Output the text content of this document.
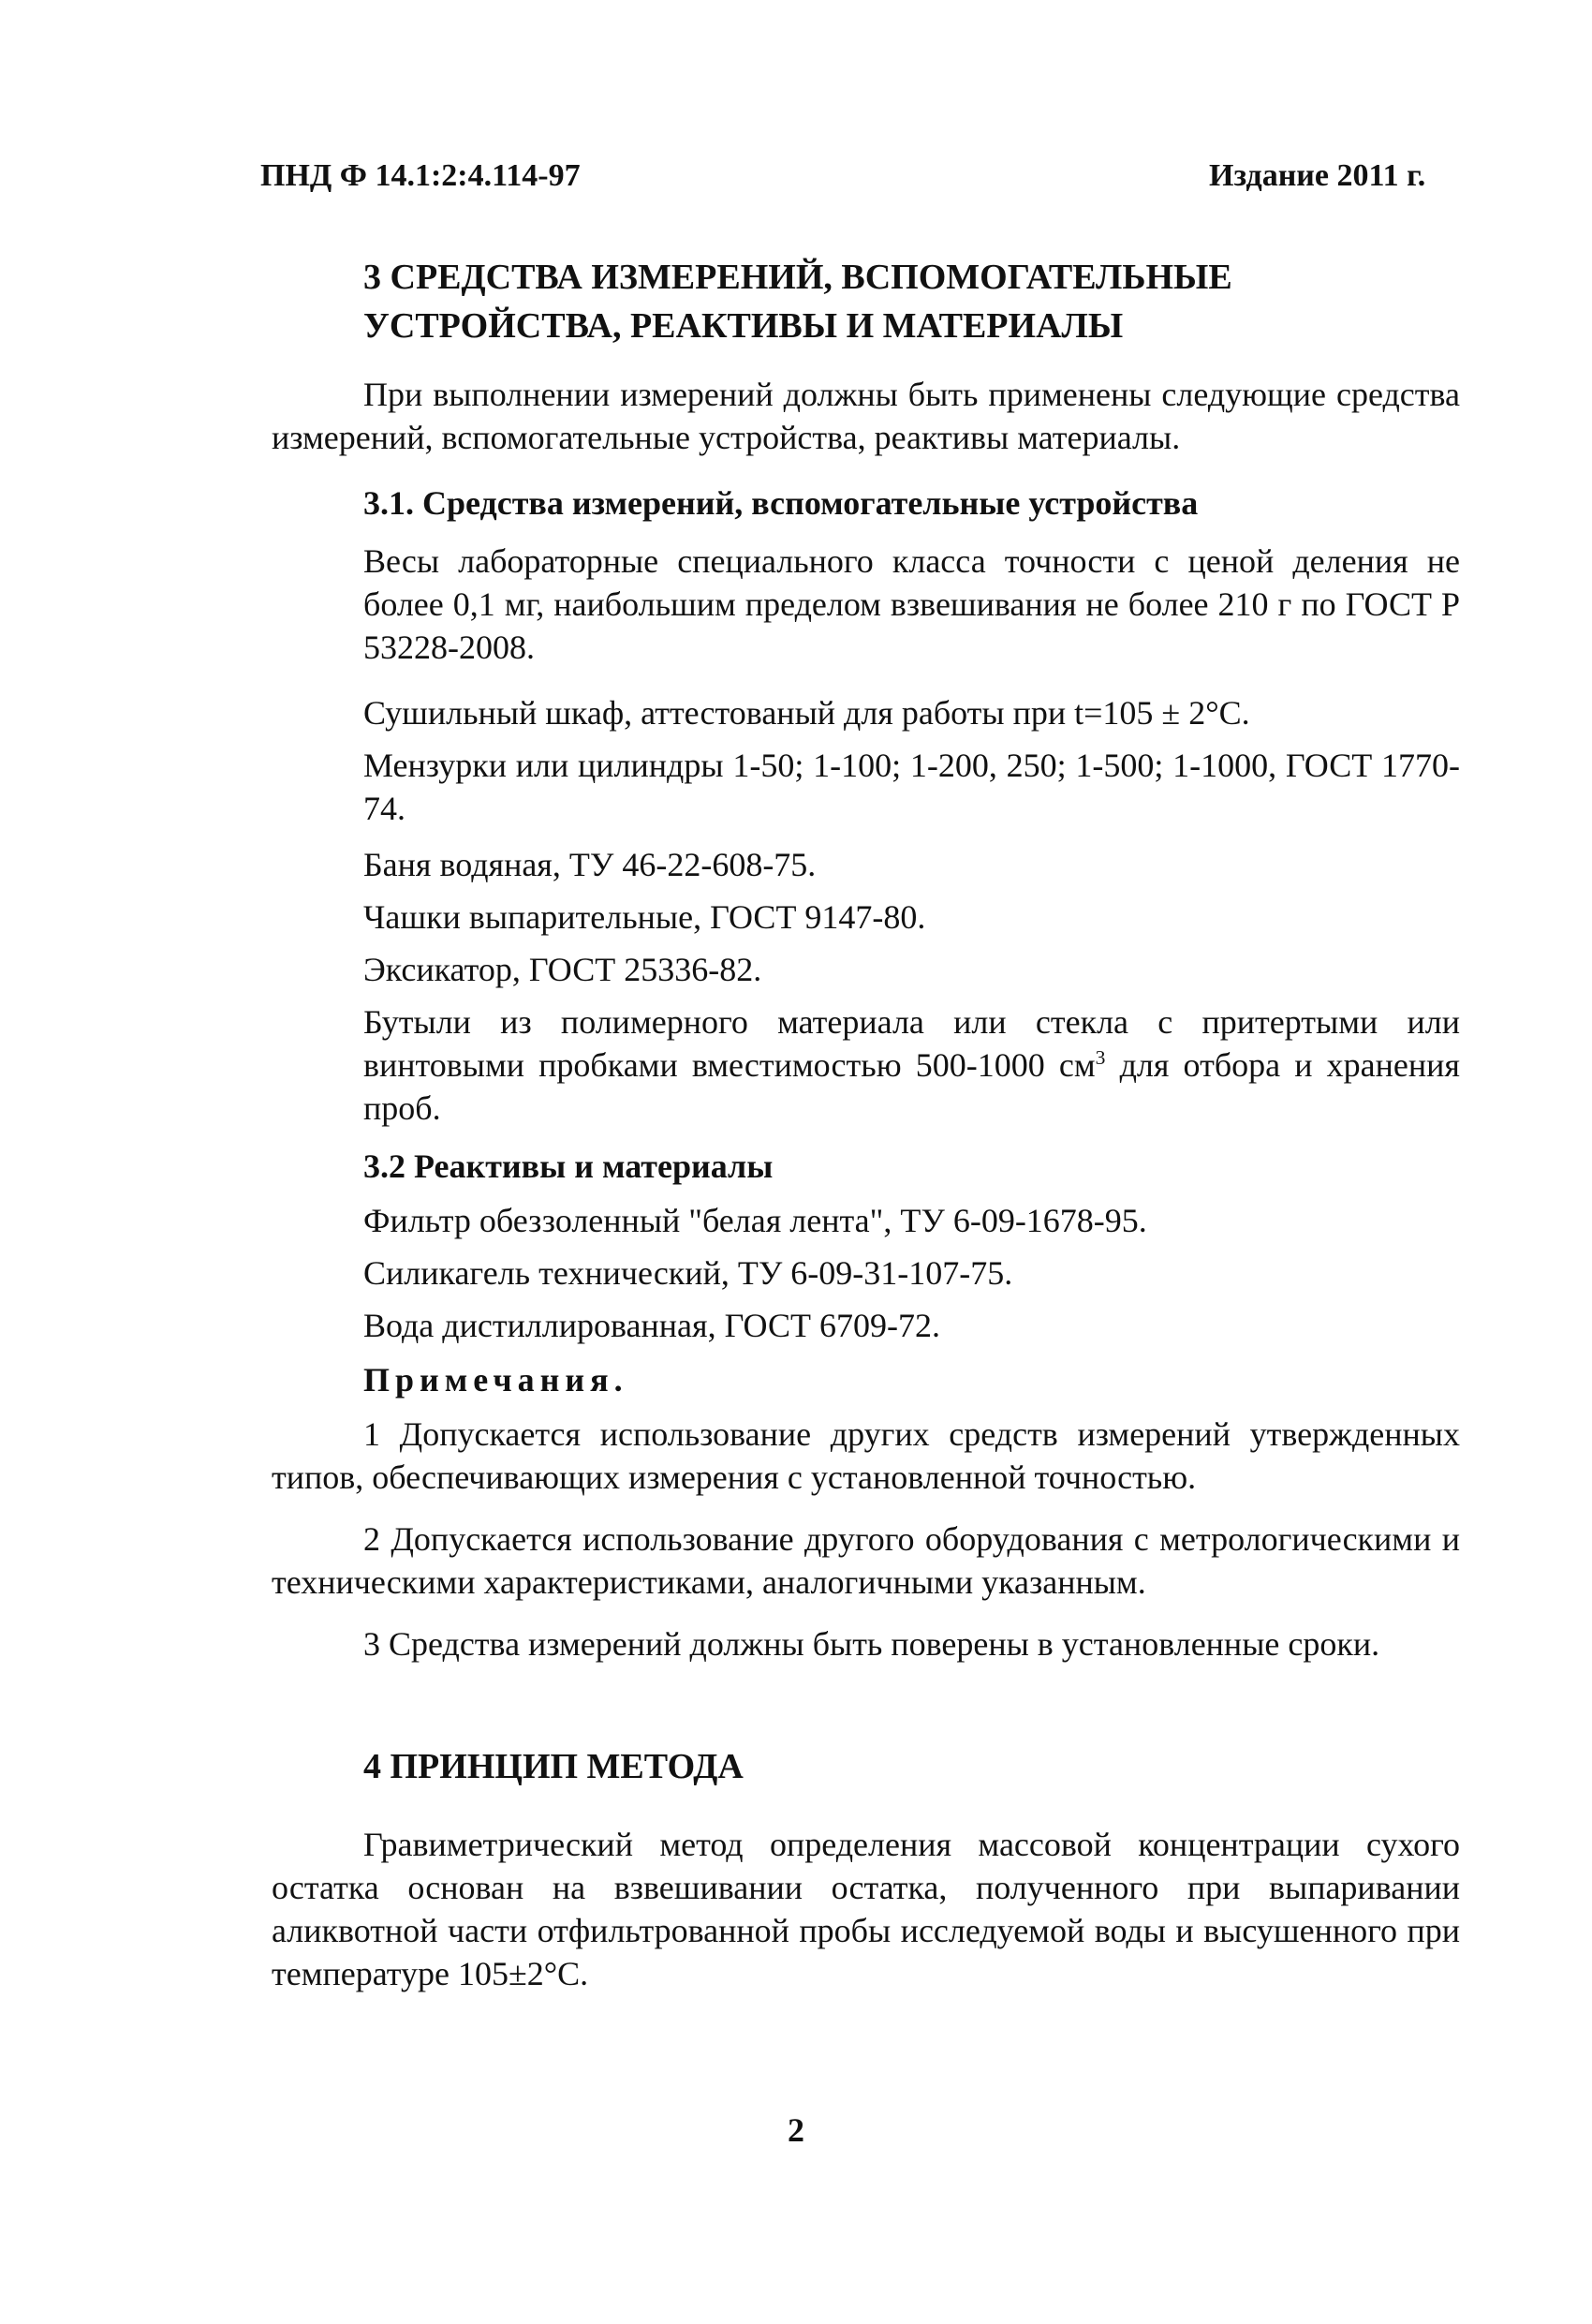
ПНД Ф 14.1:2:4.114-97	Издание 2011 г.
3 СРЕДСТВА ИЗМЕРЕНИЙ, ВСПОМОГАТЕЛЬНЫЕ
УСТРОЙСТВА, РЕАКТИВЫ И МАТЕРИАЛЫ
При выполнении измерений должны быть применены следующие средства измерений, вспомогательные устройства, реактивы материалы.
3.1. Средства измерений, вспомогательные устройства
Весы лабораторные специального класса точности с ценой деления не более 0,1 мг, наибольшим пределом взвешивания не более 210 г по ГОСТ Р 53228-2008.
Сушильный шкаф, аттестованый для работы при t=105 ± 2°С.
Мензурки или цилиндры 1-50; 1-100; 1-200, 250; 1-500; 1-1000, ГОСТ 1770-74.
Баня водяная, ТУ 46-22-608-75.
Чашки выпарительные, ГОСТ 9147-80.
Эксикатор, ГОСТ 25336-82.
Бутыли из полимерного материала или стекла с притертыми или винтовыми пробками вместимостью 500-1000 $см^3$ для отбора и хранения проб.
3.2 Реактивы и материалы
Фильтр обеззоленный "белая лента", ТУ 6-09-1678-95.
Силикагель технический, ТУ 6-09-31-107-75.
Вода дистиллированная, ГОСТ 6709-72.
Примечания.
1 Допускается использование других средств измерений утвержденных типов, обеспечивающих измерения с установленной точностью.
2 Допускается использование другого оборудования с метрологическими и техническими характеристиками, аналогичными указанным.
3 Средства измерений должны быть поверены в установленные сроки.
4 ПРИНЦИП МЕТОДА
Гравиметрический метод определения массовой концентрации сухого остатка основан на взвешивании остатка, полученного при выпаривании аликвотной части отфильтрованной пробы исследуемой воды и высушенного при температуре 105±2°С.
2
